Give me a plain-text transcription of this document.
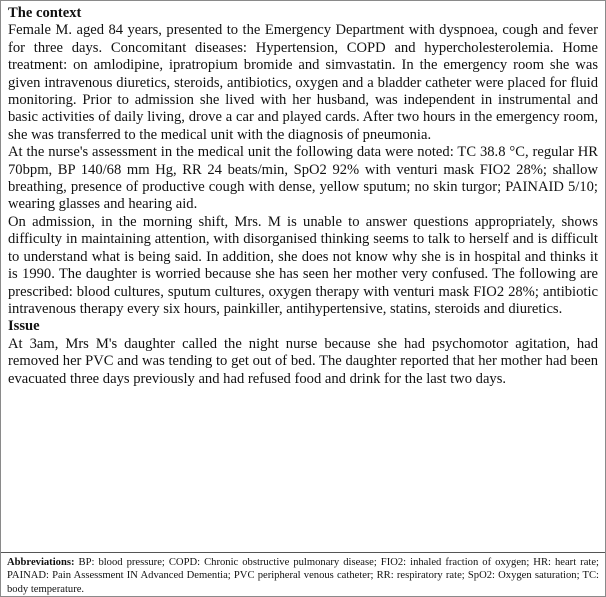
The context

Female M. aged 84 years, presented to the Emergency Department with dyspnoea, cough and fever for three days. Concomitant diseases: Hypertension, COPD and hypercholesterolemia. Home treatment: on amlodipine, ipratropium bromide and simvastatin. In the emergency room she was given intravenous diuretics, steroids, antibiotics, oxygen and a bladder catheter were placed for fluid monitoring. Prior to admission she lived with her husband, was independent in instrumental and basic activities of daily living, drove a car and played cards. After two hours in the emergency room, she was transferred to the medical unit with the diagnosis of pneumonia.

At the nurse's assessment in the medical unit the following data were noted: TC 38.8 °C, regular HR 70bpm, BP 140/68 mm Hg, RR 24 beats/min, SpO2 92% with venturi mask FIO2 28%; shallow breathing, presence of productive cough with dense, yellow sputum; no skin turgor; PAINAID 5/10; wearing glasses and hearing aid.

On admission, in the morning shift, Mrs. M is unable to answer questions appropriately, shows difficulty in maintaining attention, with disorganised thinking seems to talk to herself and is difficult to understand what is being said. In addition, she does not know why she is in hospital and thinks it is 1990. The daughter is worried because she has seen her mother very confused. The following are prescribed: blood cultures, sputum cultures, oxygen therapy with venturi mask FIO2 28%; antibiotic intravenous therapy every six hours, painkiller, antihypertensive, statins, steroids and diuretics.

Issue

At 3am, Mrs M's daughter called the night nurse because she had psychomotor agitation, had removed her PVC and was tending to get out of bed. The daughter reported that her mother had been evacuated three days previously and had refused food and drink for the last two days.

Abbreviations: BP: blood pressure; COPD: Chronic obstructive pulmonary disease; FIO2: inhaled fraction of oxygen; HR: heart rate; PAINAD: Pain Assessment IN Advanced Dementia; PVC peripheral venous catheter; RR: respiratory rate; SpO2: Oxygen saturation; TC: body temperature.
